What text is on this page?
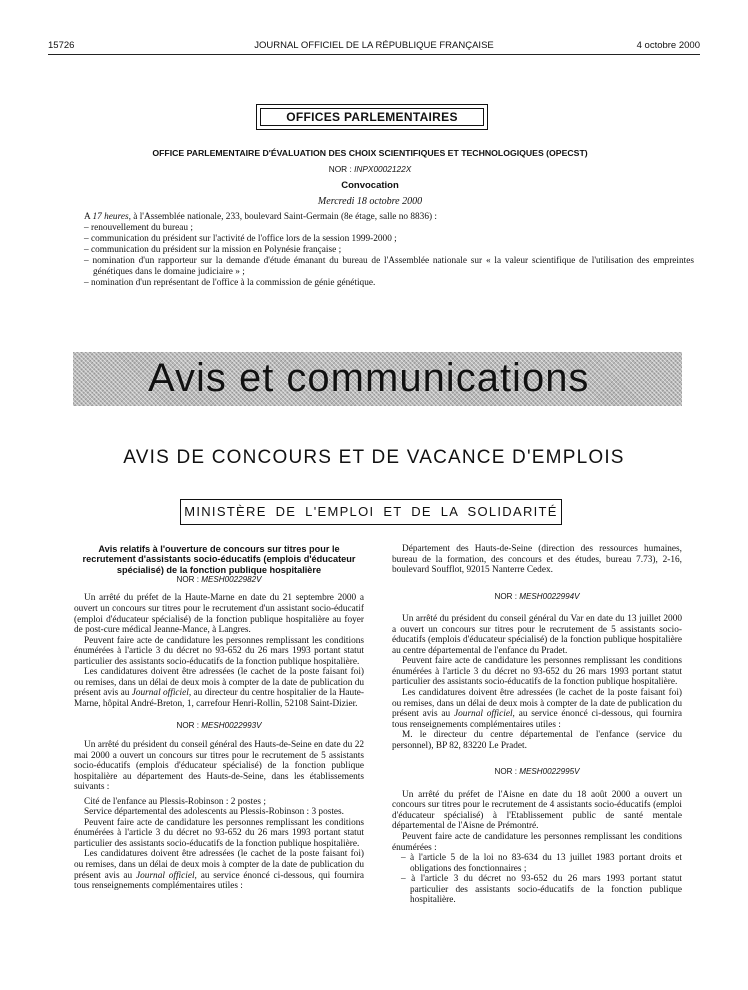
15726	JOURNAL OFFICIEL DE LA RÉPUBLIQUE FRANÇAISE	4 octobre 2000
OFFICES PARLEMENTAIRES
OFFICE PARLEMENTAIRE D'ÉVALUATION DES CHOIX SCIENTIFIQUES ET TECHNOLOGIQUES (OPECST)
NOR : INPX0002122X
Convocation
Mercredi 18 octobre 2000
A 17 heures, à l'Assemblée nationale, 233, boulevard Saint-Germain (8e étage, salle no 8836) :
– renouvellement du bureau ;
– communication du président sur l'activité de l'office lors de la session 1999-2000 ;
– communication du président sur la mission en Polynésie française ;
– nomination d'un rapporteur sur la demande d'étude émanant du bureau de l'Assemblée nationale sur « la valeur scientifique de l'utilisation des empreintes génétiques dans le domaine judiciaire » ;
– nomination d'un représentant de l'office à la commission de génie génétique.
Avis et communications
AVIS DE CONCOURS ET DE VACANCE D'EMPLOIS
MINISTÈRE DE L'EMPLOI ET DE LA SOLIDARITÉ
Avis relatifs à l'ouverture de concours sur titres pour le recrutement d'assistants socio-éducatifs (emplois d'éducateur spécialisé) de la fonction publique hospitalière
NOR : MESH0022982V

Un arrêté du préfet de la Haute-Marne en date du 21 septembre 2000 a ouvert un concours sur titres pour le recrutement d'un assistant socio-éducatif (emploi d'éducateur spécialisé) de la fonction publique hospitalière au foyer de post-cure médical Jeanne-Mance, à Langres.

Peuvent faire acte de candidature les personnes remplissant les conditions énumérées à l'article 3 du décret no 93-652 du 26 mars 1993 portant statut particulier des assistants socio-éducatifs de la fonction publique hospitalière.

Les candidatures doivent être adressées (le cachet de la poste faisant foi) ou remises, dans un délai de deux mois à compter de la date de publication du présent avis au Journal officiel, au directeur du centre hospitalier de la Haute-Marne, hôpital André-Breton, 1, carrefour Henri-Rollin, 52108 Saint-Dizier.

NOR : MESH0022993V

Un arrêté du président du conseil général des Hauts-de-Seine en date du 22 mai 2000 a ouvert un concours sur titres pour le recrutement de 5 assistants socio-éducatifs (emplois d'éducateur spécialisé) de la fonction publique hospitalière au département des Hauts-de-Seine, dans les établissements suivants :

Cité de l'enfance au Plessis-Robinson : 2 postes ;

Service départemental des adolescents au Plessis-Robinson : 3 postes.

Peuvent faire acte de candidature les personnes remplissant les conditions énumérées à l'article 3 du décret no 93-652 du 26 mars 1993 portant statut particulier des assistants socio-éducatifs de la fonction publique hospitalière.

Les candidatures doivent être adressées (le cachet de la poste faisant foi) ou remises, dans un délai de deux mois à compter de la date de publication du présent avis au Journal officiel, au service énoncé ci-dessous, qui fournira tous renseignements complémentaires utiles :

Département des Hauts-de-Seine (direction des ressources humaines, bureau de la formation, des concours et des études, bureau 7.73), 2-16, boulevard Soufflot, 92015 Nanterre Cedex.

NOR : MESH0022994V

Un arrêté du président du conseil général du Var en date du 13 juillet 2000 a ouvert un concours sur titres pour le recrutement de 5 assistants socio-éducatifs (emplois d'éducateur spécialisé) de la fonction publique hospitalière au centre départemental de l'enfance du Pradet.

Peuvent faire acte de candidature les personnes remplissant les conditions énumérées à l'article 3 du décret no 93-652 du 26 mars 1993 portant statut particulier des assistants socio-éducatifs de la fonction publique hospitalière.

Les candidatures doivent être adressées (le cachet de la poste faisant foi) ou remises, dans un délai de deux mois à compter de la date de publication du présent avis au Journal officiel, au service énoncé ci-dessous, qui fournira tous renseignements complémentaires utiles :

M. le directeur du centre départemental de l'enfance (service du personnel), BP 82, 83220 Le Pradet.

NOR : MESH0022995V

Un arrêté du préfet de l'Aisne en date du 18 août 2000 a ouvert un concours sur titres pour le recrutement de 4 assistants socio-éducatifs (emploi d'éducateur spécialisé) à l'Etablissement public de santé mentale départemental de l'Aisne de Prémontré.

Peuvent faire acte de candidature les personnes remplissant les conditions énumérées :

– à l'article 5 de la loi no 83-634 du 13 juillet 1983 portant droits et obligations des fonctionnaires ;
– à l'article 3 du décret no 93-652 du 26 mars 1993 portant statut particulier des assistants socio-éducatifs de la fonction publique hospitalière.
